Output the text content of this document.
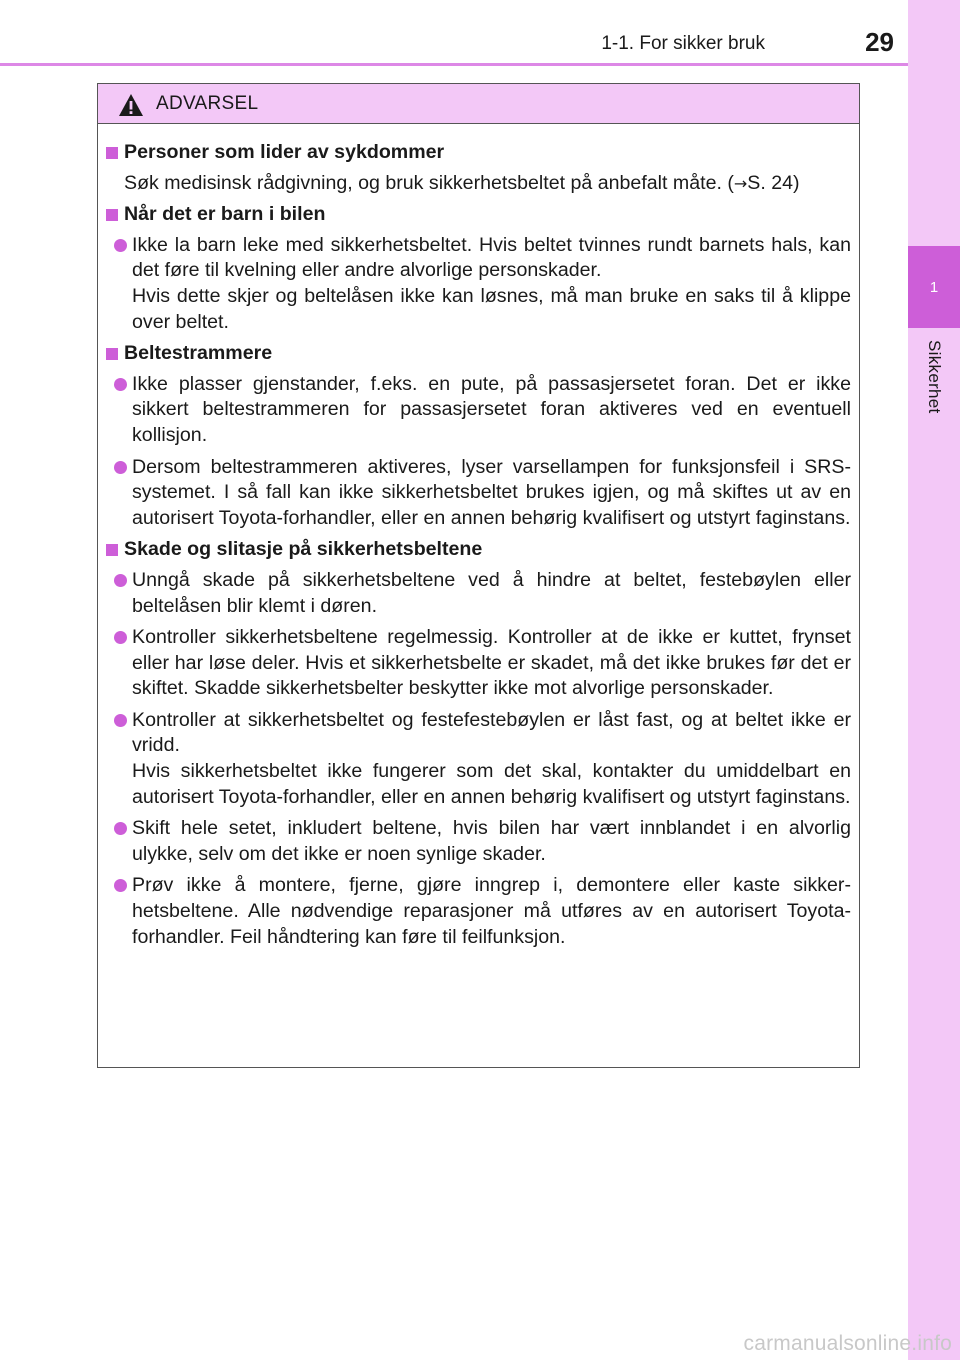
1-1. For sikker bruk	29
1
Sikkerhet
ADVARSEL
Personer som lider av sykdommer
Søk medisinsk rådgivning, og bruk sikkerhetsbeltet på anbefalt måte. (→S. 24)
Når det er barn i bilen

Ikke la barn leke med sikkerhetsbeltet. Hvis beltet tvinnes rundt barnets hals, kan det føre til kvelning eller andre alvorlige personskader.

Hvis dette skjer og beltelåsen ikke kan løsnes, må man bruke en saks til å klippe over beltet.

Beltestrammere

Ikke plasser gjenstander, f.eks. en pute, på passasjersetet foran. Det er ikke sikkert beltestrammeren for passasjersetet foran aktiveres ved en eventuell kollisjon.

Dersom beltestrammeren aktiveres, lyser varsellampen for funksjonsfeil i SRS-systemet. I så fall kan ikke sikkerhetsbeltet brukes igjen, og må skiftes ut av en autorisert Toyota-forhandler, eller en annen behørig kvalifisert og utstyrt faginstans.

Skade og slitasje på sikkerhetsbeltene

Unngå skade på sikkerhetsbeltene ved å hindre at beltet, festebøylen eller beltelåsen blir klemt i døren.

Kontroller sikkerhetsbeltene regelmessig. Kontroller at de ikke er kuttet, frynset eller har løse deler. Hvis et sikkerhetsbelte er skadet, må det ikke brukes før det er skiftet. Skadde sikkerhetsbelter beskytter ikke mot alvorlige personskader.

Kontroller at sikkerhetsbeltet og festefestebøylen er låst fast, og at beltet ikke er vridd.

Hvis sikkerhetsbeltet ikke fungerer som det skal, kontakter du umiddelbart en autorisert Toyota-forhandler, eller en annen behørig kvalifisert og utstyrt faginstans.

Skift hele setet, inkludert beltene, hvis bilen har vært innblandet i en alvorlig ulykke, selv om det ikke er noen synlige skader.

Prøv ikke å montere, fjerne, gjøre inngrep i, demontere eller kaste sikkerhetsbeltene. Alle nødvendige reparasjoner må utføres av en autorisert Toyota-forhandler. Feil håndtering kan føre til feilfunksjon.

carmanualsonline.info
